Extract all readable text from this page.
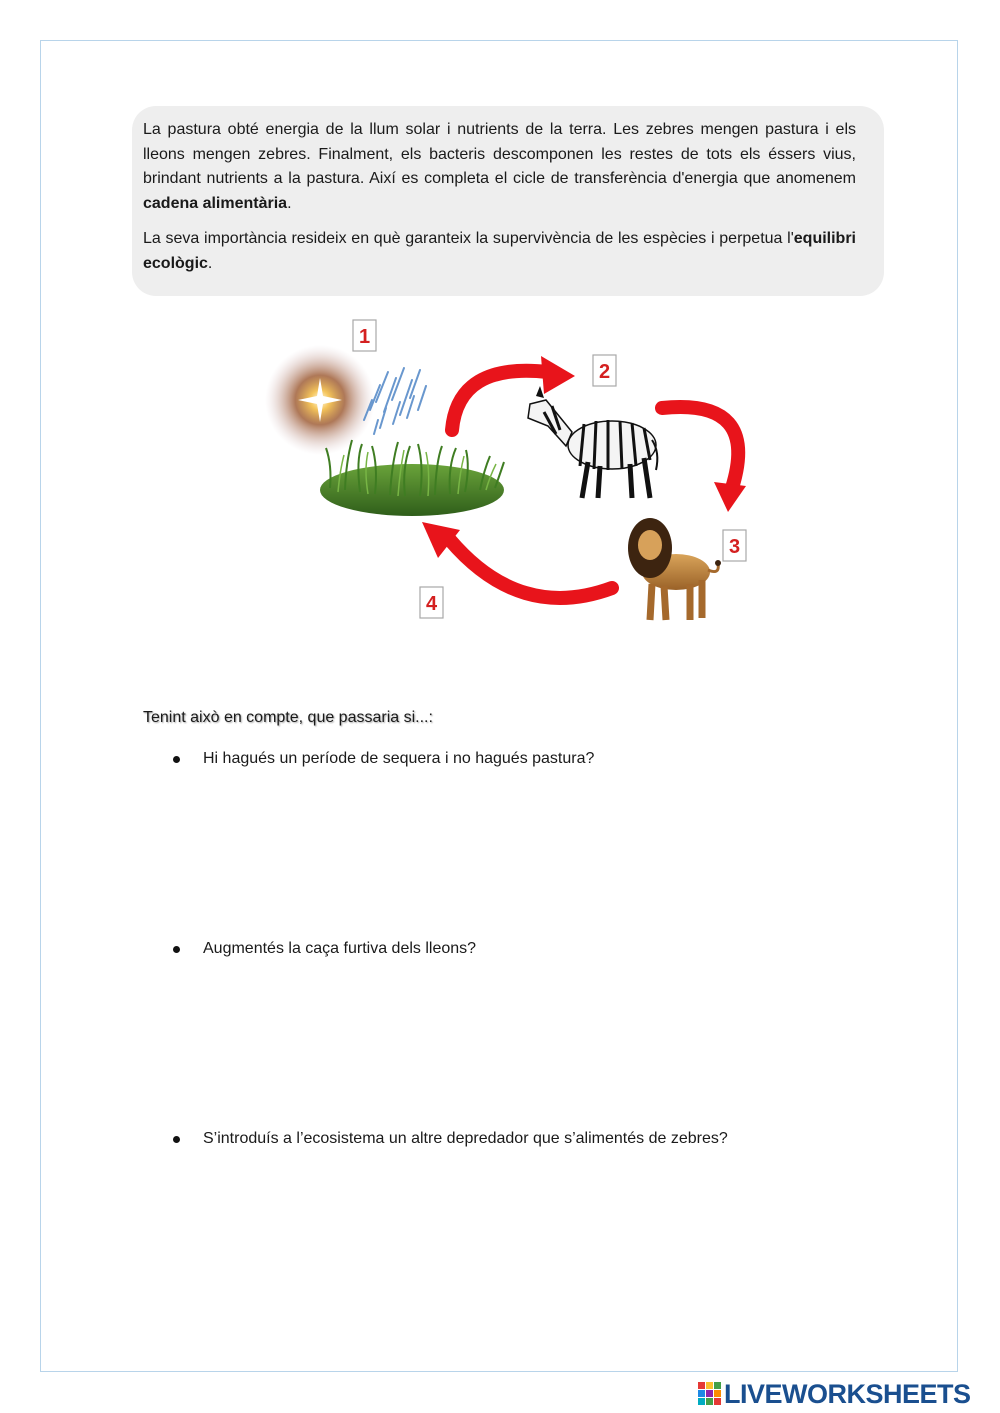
La pastura obté energia de la llum solar i nutrients de la terra. Les zebres mengen pastura i els lleons mengen zebres. Finalment, els bacteris descomponen les restes de tots els éssers vius, brindant nutrients a la pastura. Així es completa el cicle de transferència d'energia que anomenem cadena alimentària.

La seva importància resideix en què garanteix la supervivència de les espècies i perpetua l'equilibri ecològic.

1
2
3
4
Tenint això en compte, que passaria si...:
Hi hagués un període de sequera i no hagués pastura?
Augmentés la caça furtiva dels lleons?
S’introduís a l’ecosistema un altre depredador que s’alimentés de zebres?
LIVEWORKSHEETS
